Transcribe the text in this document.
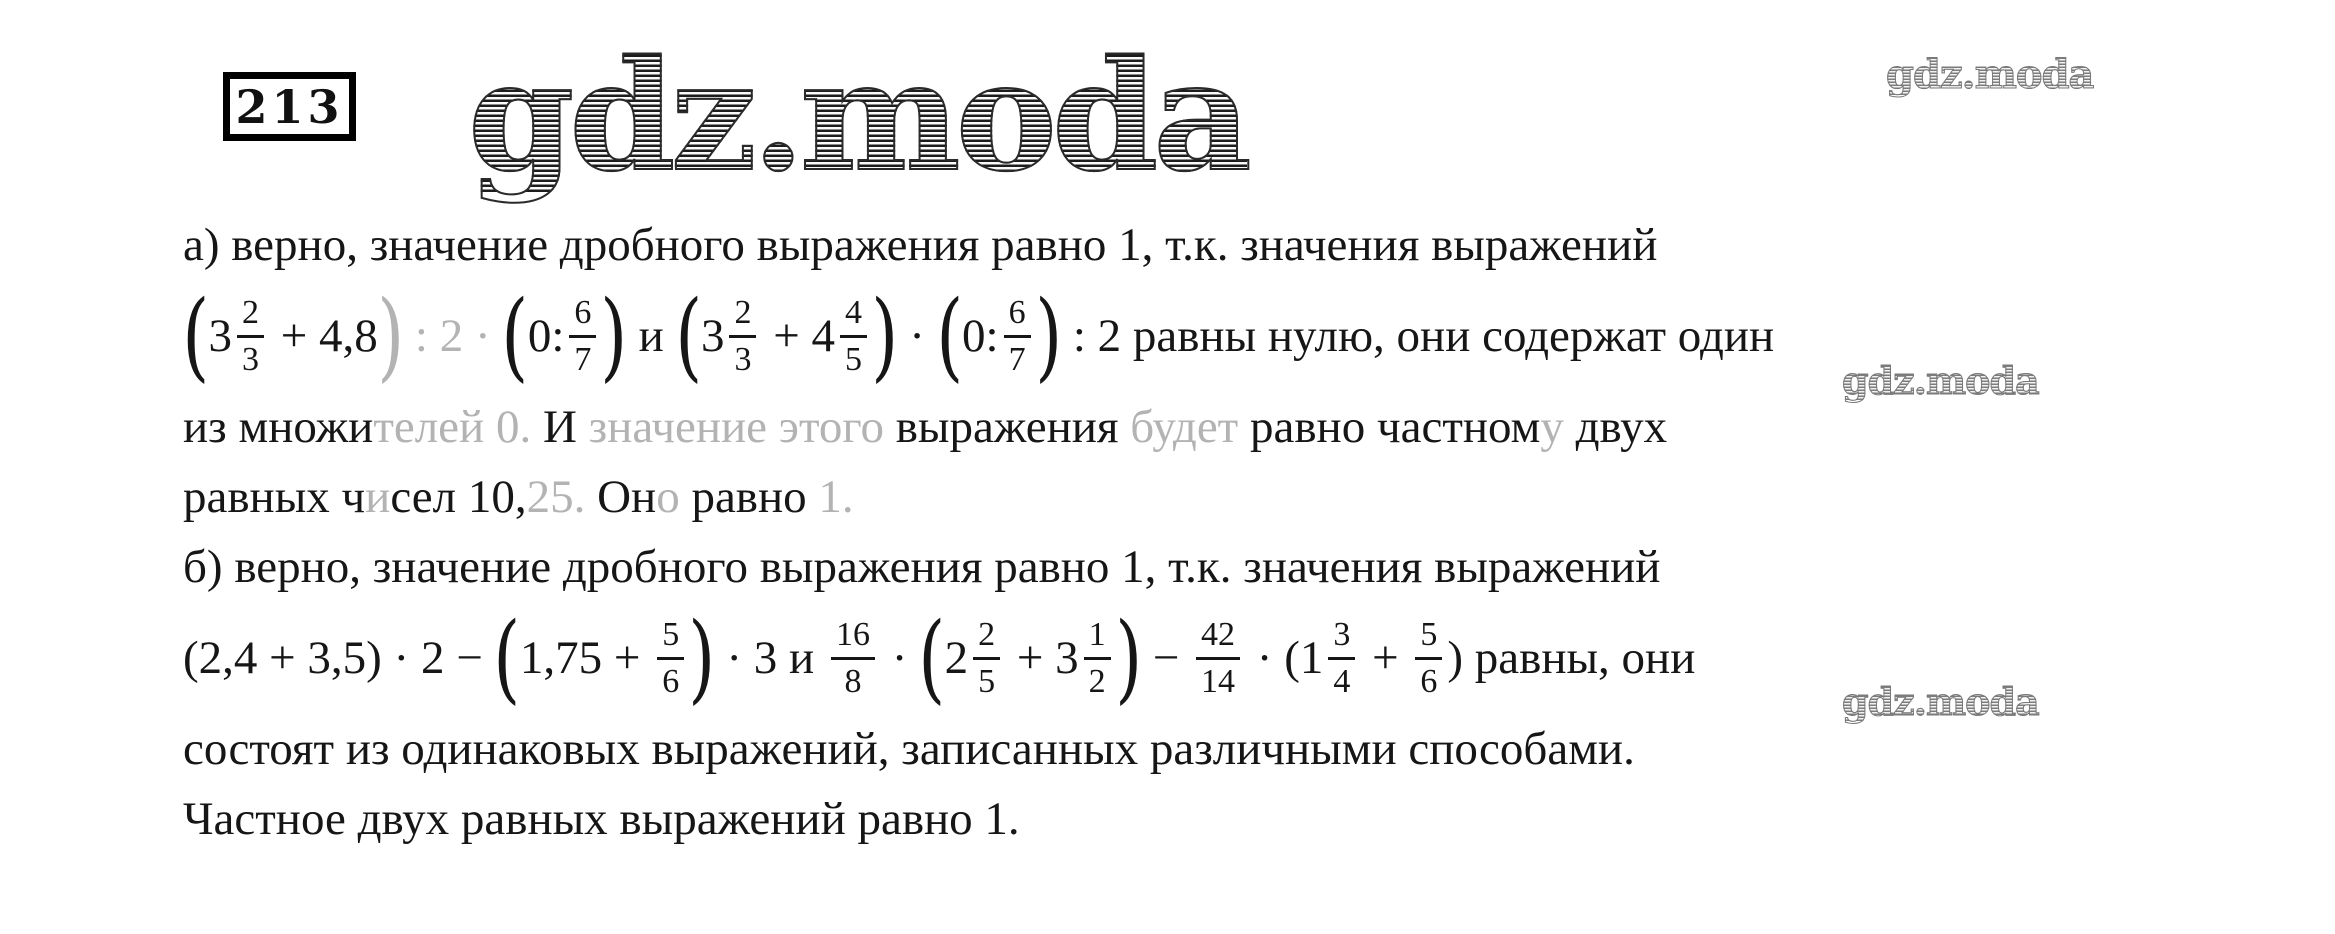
213 gdz.moda	gdz.moda
gdz.moda
gdz.moda

а) верно, значение дробного выражения равно 1, т.к. значения выражений

( $3 \frac{2}{3} + 4,8$ ) : 2 · ( 0: $\frac{6}{7}$ ) и ( $3 \frac{2}{3} + 4 \frac{4}{5}$ ) · ( 0: $\frac{6}{7}$ ) : 2 равны нулю, они содержат один

из множителей 0. И значение этого выражения будет равно частному двух

равных чисел 10,25. Оно равно 1.

б) верно, значение дробного выражения равно 1, т.к. значения выражений

(2,4 + 3,5) · 2 − ( $1,75 + \frac{5}{6}$ ) · 3 и $\frac{16}{8}$ · ( $2 \frac{2}{5} + 3 \frac{1}{2}$ ) − $\frac{42}{14} \cdot (1 \frac{3}{4} + \frac{5}{6}$ ) равны, они

состоят из одинаковых выражений, записанных различными способами.

Частное двух равных выражений равно 1.
